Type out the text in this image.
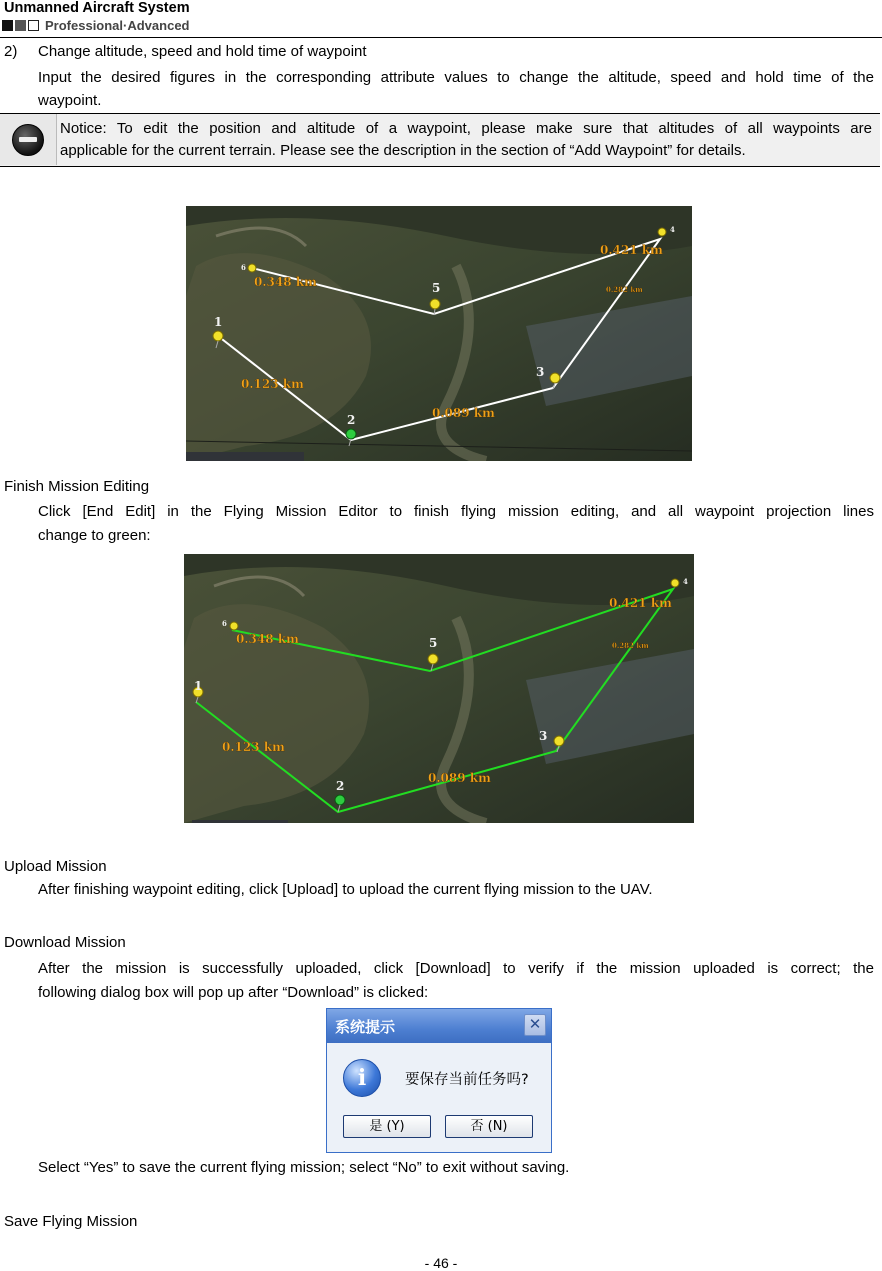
Unmanned Aircraft System
Professional·Advanced
2) Change altitude, speed and hold time of waypoint
Input the desired figures in the corresponding attribute values to change the altitude, speed and hold time of the
waypoint.
Notice: To edit the position and altitude of a waypoint, please make sure that altitudes of all waypoints are
applicable for the current terrain. Please see the description in the section of “Add Waypoint” for details.
1
2
3
4
5
6
0.348 km
0.421 km
0.282 km
0.123 km
0.089 km
Finish Mission Editing
Click [End Edit] in the Flying Mission Editor to finish flying mission editing, and all waypoint projection lines
change to green:
1
2
3
4
5
6
0.348 km
0.421 km
0.282 km
0.123 km
0.089 km
Upload Mission
After finishing waypoint editing, click [Upload] to upload the current flying mission to the UAV.
Download Mission
After the mission is successfully uploaded, click [Download] to verify if the mission uploaded is correct; the
following dialog box will pop up after “Download” is clicked:
系统提示	✕
i	要保存当前任务吗?
是 (Y)	否 (N)
Select “Yes” to save the current flying mission; select “No” to exit without saving.
Save Flying Mission
- 46 -
